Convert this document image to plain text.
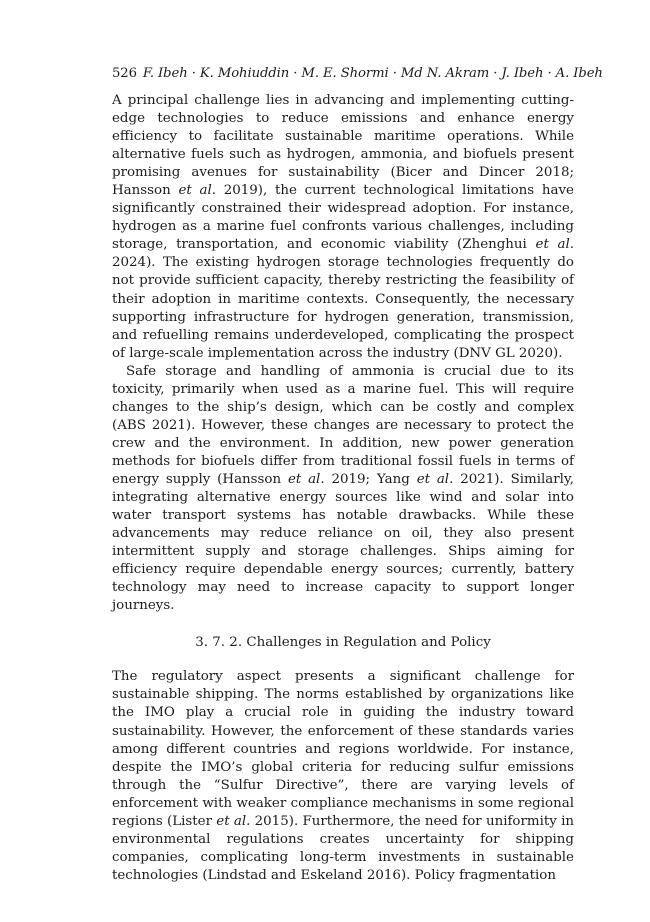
526 F. Ibeh · K. Mohiuddin · M. E. Shormi · Md N. Akram · J. Ibeh · A. Ibeh

A principal challenge lies in advancing and implementing cutting-edge technologies to reduce emissions and enhance energy efficiency to facilitate sustainable maritime operations. While alternative fuels such as hydrogen, ammonia, and biofuels present promising avenues for sustainability (Bicer and Dincer 2018; Hansson et al. 2019), the current technological limitations have significantly constrained their widespread adoption. For instance, hydrogen as a marine fuel confronts various challenges, including storage, transportation, and economic viability (Zhenghui et al. 2024). The existing hydrogen storage technologies frequently do not provide sufficient capacity, thereby restricting the feasibility of their adoption in maritime contexts. Consequently, the necessary supporting infrastructure for hydrogen generation, transmission, and refuelling remains underdeveloped, complicating the prospect of large-scale implementation across the industry (DNV GL 2020).

Safe storage and handling of ammonia is crucial due to its toxicity, primarily when used as a marine fuel. This will require changes to the ship’s design, which can be costly and complex (ABS 2021). However, these changes are necessary to protect the crew and the environment. In addition, new power generation methods for biofuels differ from traditional fossil fuels in terms of energy supply (Hansson et al. 2019; Yang et al. 2021). Similarly, integrating alternative energy sources like wind and solar into water transport systems has notable drawbacks. While these advancements may reduce reliance on oil, they also present intermittent supply and storage challenges. Ships aiming for efficiency require dependable energy sources; currently, battery technology may need to increase capacity to support longer journeys.

3. 7. 2. Challenges in Regulation and Policy

The regulatory aspect presents a significant challenge for sustainable shipping. The norms established by organizations like the IMO play a crucial role in guiding the industry toward sustainability. However, the enforcement of these standards varies among different countries and regions worldwide. For instance, despite the IMO’s global criteria for reducing sulfur emissions through the “Sulfur Directive”, there are varying levels of enforcement with weaker compliance mechanisms in some regional regions (Lister et al. 2015). Furthermore, the need for uniformity in environmental regulations creates uncertainty for shipping companies, complicating long-term investments in sustainable technologies (Lindstad and Eskeland 2016). Policy fragmentation
